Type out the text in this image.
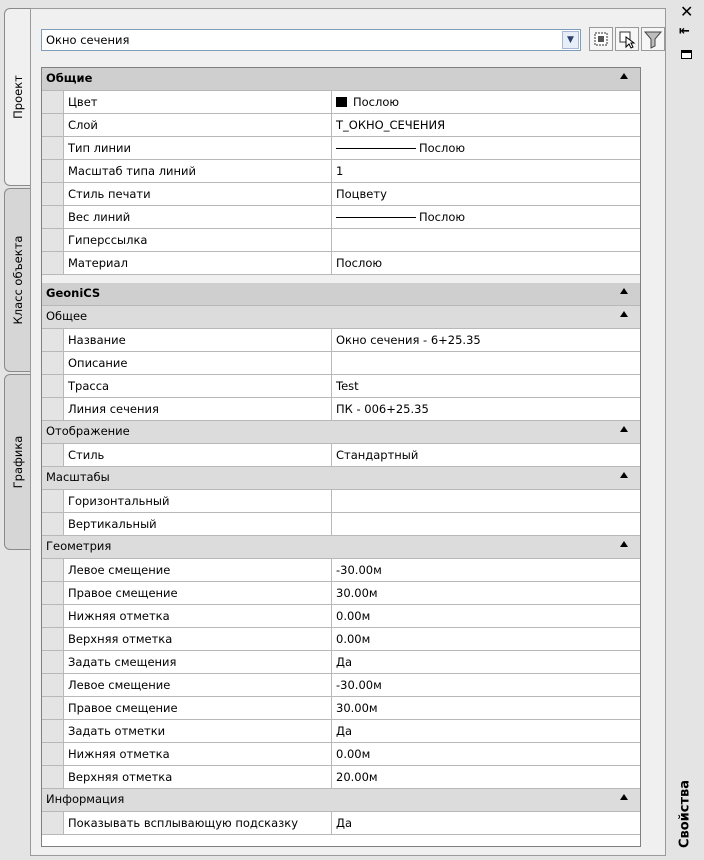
Проект
Класс объекта
Графика
Окно сечения	▼
Общие
Цвет	Послою
Слой	Т_ОКНО_СЕЧЕНИЯ
Тип линии	Послою
Масштаб типа линий	1
Стиль печати	Поцвету
Вес линий	Послою
Гиперссылка
Материал	Послою
GeoniCS
Общее
Название	Окно сечения - 6+25.35
Описание
Трасса	Test
Линия сечения	ПК - 006+25.35
Отображение
Стиль	Стандартный
Масштабы
Горизонтальный
Вертикальный
Геометрия
Левое смещение	-30.00м
Правое смещение	30.00м
Нижняя отметка	0.00м
Верхняя отметка	0.00м
Задать смещения	Да
Левое смещение	-30.00м
Правое смещение	30.00м
Задать отметки	Да
Нижняя отметка	0.00м
Верхняя отметка	20.00м
Информация
Показывать всплывающую подсказку	Да
✕
⇤
Свойства
